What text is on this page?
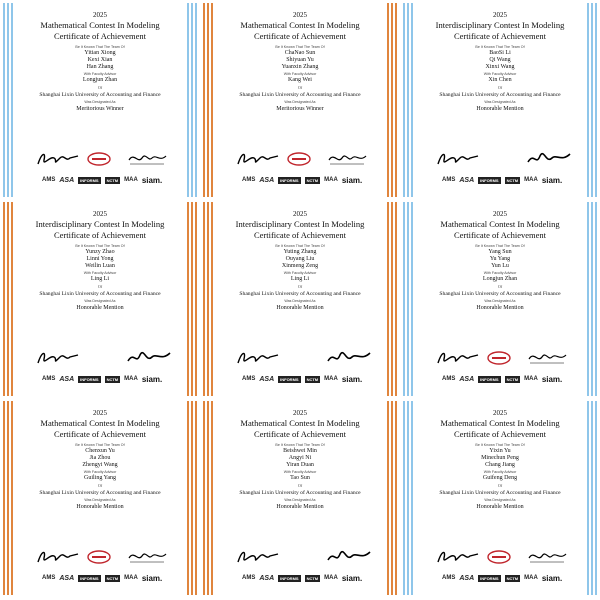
2025
Mathematical Contest In Modeling
Certificate of Achievement
Be It Known That The Team Of
Yitian Xiong
Kexi Xian
Han Zhang
With Faculty Advisor
Longjun Zhan
Of
Shanghai Lixin University of Accounting and Finance
Was Designated As
Meritorious Winner
AMS ASA	INFORMS	NCTM	MAA siam.
2025
Mathematical Contest In Modeling
Certificate of Achievement
Be It Known That The Team Of
ChaNao Sun
Shiyuan Yu
Yuanxin Zhang
With Faculty Advisor
Kang Wei
Of
Shanghai Lixin University of Accounting and Finance
Was Designated As
Meritorious Winner
AMS ASA	INFORMS	NCTM	MAA siam.
2025
Interdisciplinary Contest In Modeling
Certificate of Achievement
Be It Known That The Team Of
BaoSi Li
Qi Wang
Xinxi Wang
With Faculty Advisor
Xin Chen
Of
Shanghai Lixin University of Accounting and Finance
Was Designated As
Honorable Mention
AMS ASA	INFORMS	NCTM	MAA siam.
2025
Interdisciplinary Contest In Modeling
Certificate of Achievement
Be It Known That The Team Of
Yunzy Zhao
Linni Yong
Weilin Luan
With Faculty Advisor
Ling Li
Of
Shanghai Lixin University of Accounting and Finance
Was Designated As
Honorable Mention
AMS ASA	INFORMS	NCTM	MAA siam.
2025
Interdisciplinary Contest In Modeling
Certificate of Achievement
Be It Known That The Team Of
Yuting Zhang
Ouyang Liu
Xinmeng Zeng
With Faculty Advisor
Ling Li
Of
Shanghai Lixin University of Accounting and Finance
Was Designated As
Honorable Mention
AMS ASA	INFORMS	NCTM	MAA siam.
2025
Mathematical Contest In Modeling
Certificate of Achievement
Be It Known That The Team Of
Yang Sun
Yu Yang
Yun Lu
With Faculty Advisor
Longjun Zhan
Of
Shanghai Lixin University of Accounting and Finance
Was Designated As
Honorable Mention
AMS ASA	INFORMS	NCTM	MAA siam.
2025
Mathematical Contest In Modeling
Certificate of Achievement
Be It Known That The Team Of
Chenxun Yu
Jia Zhou
Zhengyi Wang
With Faculty Advisor
Guiling Yang
Of
Shanghai Lixin University of Accounting and Finance
Was Designated As
Honorable Mention
AMS ASA	INFORMS	NCTM	MAA siam.
2025
Mathematical Contest In Modeling
Certificate of Achievement
Be It Known That The Team Of
Beishwei Min
Angyi Ni
Yiran Duan
With Faculty Advisor
Tao Sun
Of
Shanghai Lixin University of Accounting and Finance
Was Designated As
Honorable Mention
AMS ASA	INFORMS	NCTM	MAA siam.
2025
Mathematical Contest In Modeling
Certificate of Achievement
Be It Known That The Team Of
Yixin Yu
Minechun Peng
Chang Jiang
With Faculty Advisor
Guifeng Deng
Of
Shanghai Lixin University of Accounting and Finance
Was Designated As
Honorable Mention
AMS ASA	INFORMS	NCTM	MAA siam.
